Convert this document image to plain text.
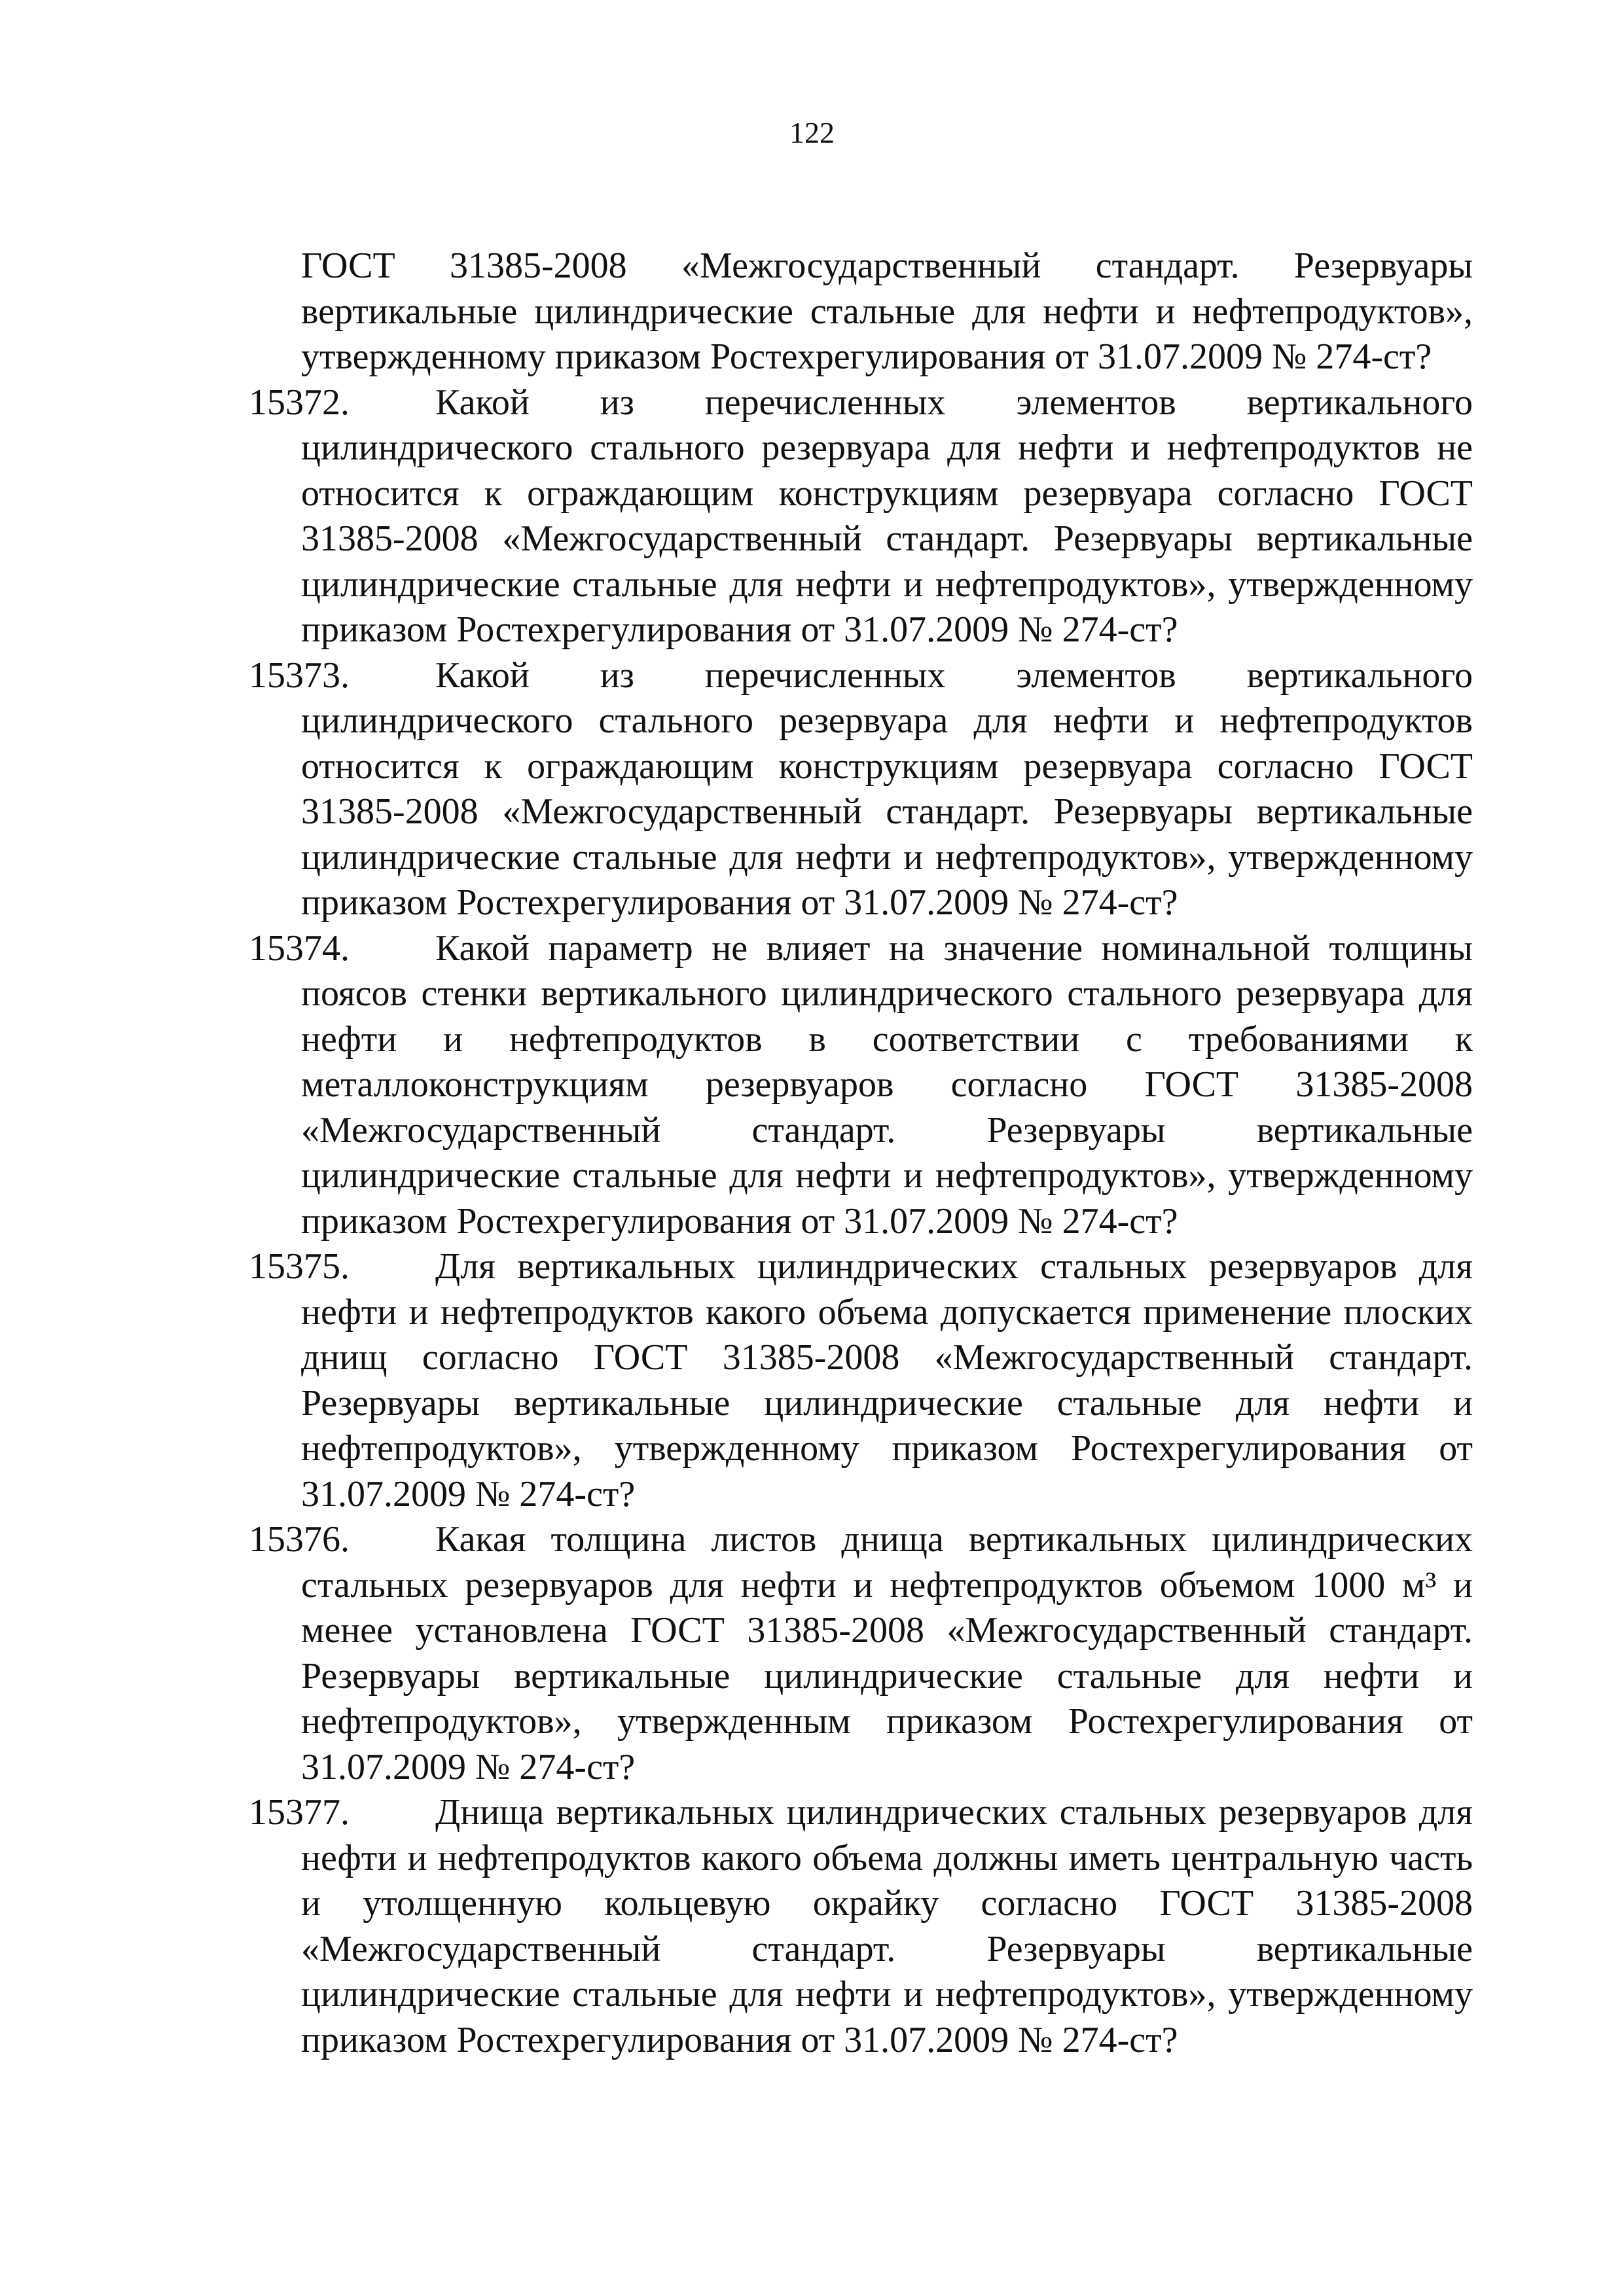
122

ГОСТ 31385-2008 «Межгосударственный стандарт. Резервуары вертикальные цилиндрические стальные для нефти и нефтепродуктов», утвержденному приказом Ростехрегулирования от 31.07.2009 № 274-ст?

15372. Какой из перечисленных элементов вертикального цилиндрического стального резервуара для нефти и нефтепродуктов не относится к ограждающим конструкциям резервуара согласно ГОСТ 31385-2008 «Межгосударственный стандарт. Резервуары вертикальные цилиндрические стальные для нефти и нефтепродуктов», утвержденному приказом Ростехрегулирования от 31.07.2009 № 274-ст?

15373. Какой из перечисленных элементов вертикального цилиндрического стального резервуара для нефти и нефтепродуктов относится к ограждающим конструкциям резервуара согласно ГОСТ 31385-2008 «Межгосударственный стандарт. Резервуары вертикальные цилиндрические стальные для нефти и нефтепродуктов», утвержденному приказом Ростехрегулирования от 31.07.2009 № 274-ст?

15374. Какой параметр не влияет на значение номинальной толщины поясов стенки вертикального цилиндрического стального резервуара для нефти и нефтепродуктов в соответствии с требованиями к металлоконструкциям резервуаров согласно ГОСТ 31385-2008 «Межгосударственный стандарт. Резервуары вертикальные цилиндрические стальные для нефти и нефтепродуктов», утвержденному приказом Ростехрегулирования от 31.07.2009 № 274-ст?

15375. Для вертикальных цилиндрических стальных резервуаров для нефти и нефтепродуктов какого объема допускается применение плоских днищ согласно ГОСТ 31385-2008 «Межгосударственный стандарт. Резервуары вертикальные цилиндрические стальные для нефти и нефтепродуктов», утвержденному приказом Ростехрегулирования от 31.07.2009 № 274-ст?

15376. Какая толщина листов днища вертикальных цилиндрических стальных резервуаров для нефти и нефтепродуктов объемом 1000 м³ и менее установлена ГОСТ 31385-2008 «Межгосударственный стандарт. Резервуары вертикальные цилиндрические стальные для нефти и нефтепродуктов», утвержденным приказом Ростехрегулирования от 31.07.2009 № 274-ст?

15377. Днища вертикальных цилиндрических стальных резервуаров для нефти и нефтепродуктов какого объема должны иметь центральную часть и утолщенную кольцевую окрайку согласно ГОСТ 31385-2008 «Межгосударственный стандарт. Резервуары вертикальные цилиндрические стальные для нефти и нефтепродуктов», утвержденному приказом Ростехрегулирования от 31.07.2009 № 274-ст?
